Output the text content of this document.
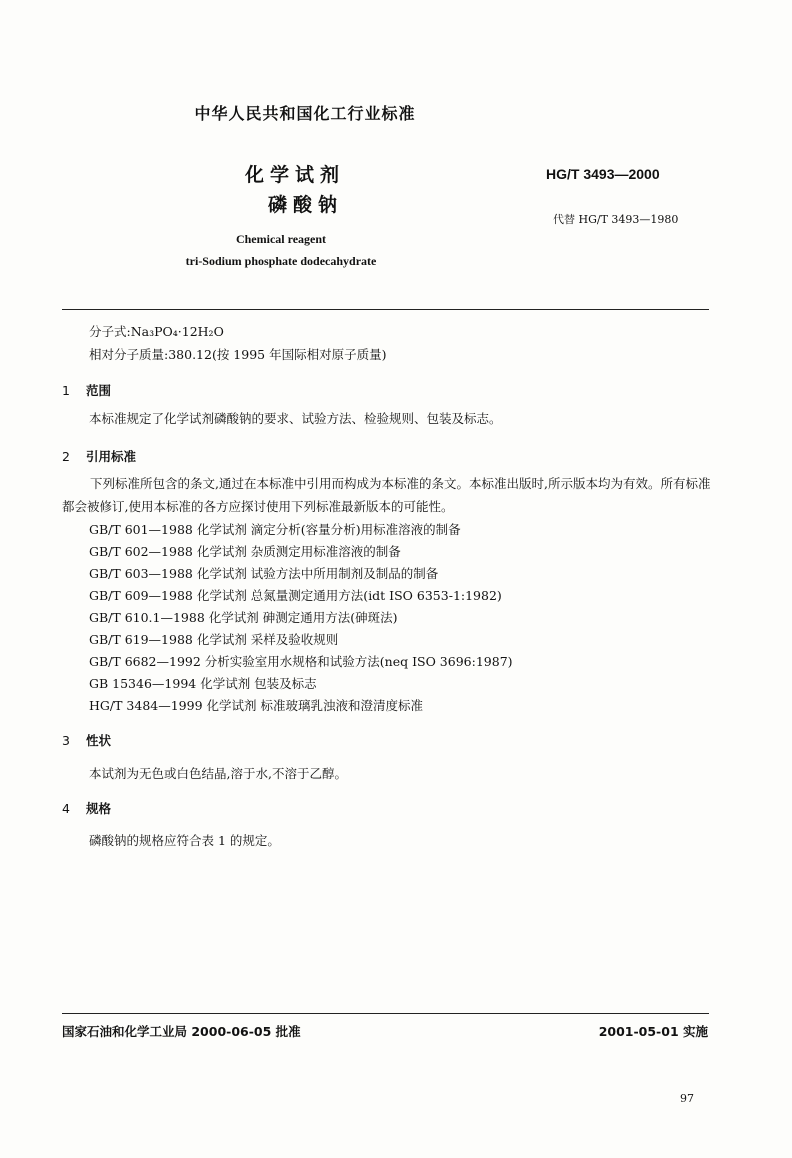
中华人民共和国化工行业标准
化学试剂
磷酸钠
HG/T 3493—2000
代替 HG/T 3493—1980
Chemical reagent
tri-Sodium phosphate dodecahydrate
分子式:Na₃PO₄·12H₂O
相对分子质量:380.12(按 1995 年国际相对原子质量)
1 范围
本标准规定了化学试剂磷酸钠的要求、试验方法、检验规则、包装及标志。
2 引用标准
下列标准所包含的条文,通过在本标准中引用而构成为本标准的条文。本标准出版时,所示版本均为有效。所有标准都会被修订,使用本标准的各方应探讨使用下列标准最新版本的可能性。
GB/T 601—1988 化学试剂 滴定分析(容量分析)用标准溶液的制备
GB/T 602—1988 化学试剂 杂质测定用标准溶液的制备
GB/T 603—1988 化学试剂 试验方法中所用制剂及制品的制备
GB/T 609—1988 化学试剂 总氮量测定通用方法(idt ISO 6353-1:1982)
GB/T 610.1—1988 化学试剂 砷测定通用方法(砷斑法)
GB/T 619—1988 化学试剂 采样及验收规则
GB/T 6682—1992 分析实验室用水规格和试验方法(neq ISO 3696:1987)
GB 15346—1994 化学试剂 包装及标志
HG/T 3484—1999 化学试剂 标准玻璃乳浊液和澄清度标准
3 性状
本试剂为无色或白色结晶,溶于水,不溶于乙醇。
4 规格
磷酸钠的规格应符合表 1 的规定。
国家石油和化学工业局 2000-06-05 批准	2001-05-01 实施
97
